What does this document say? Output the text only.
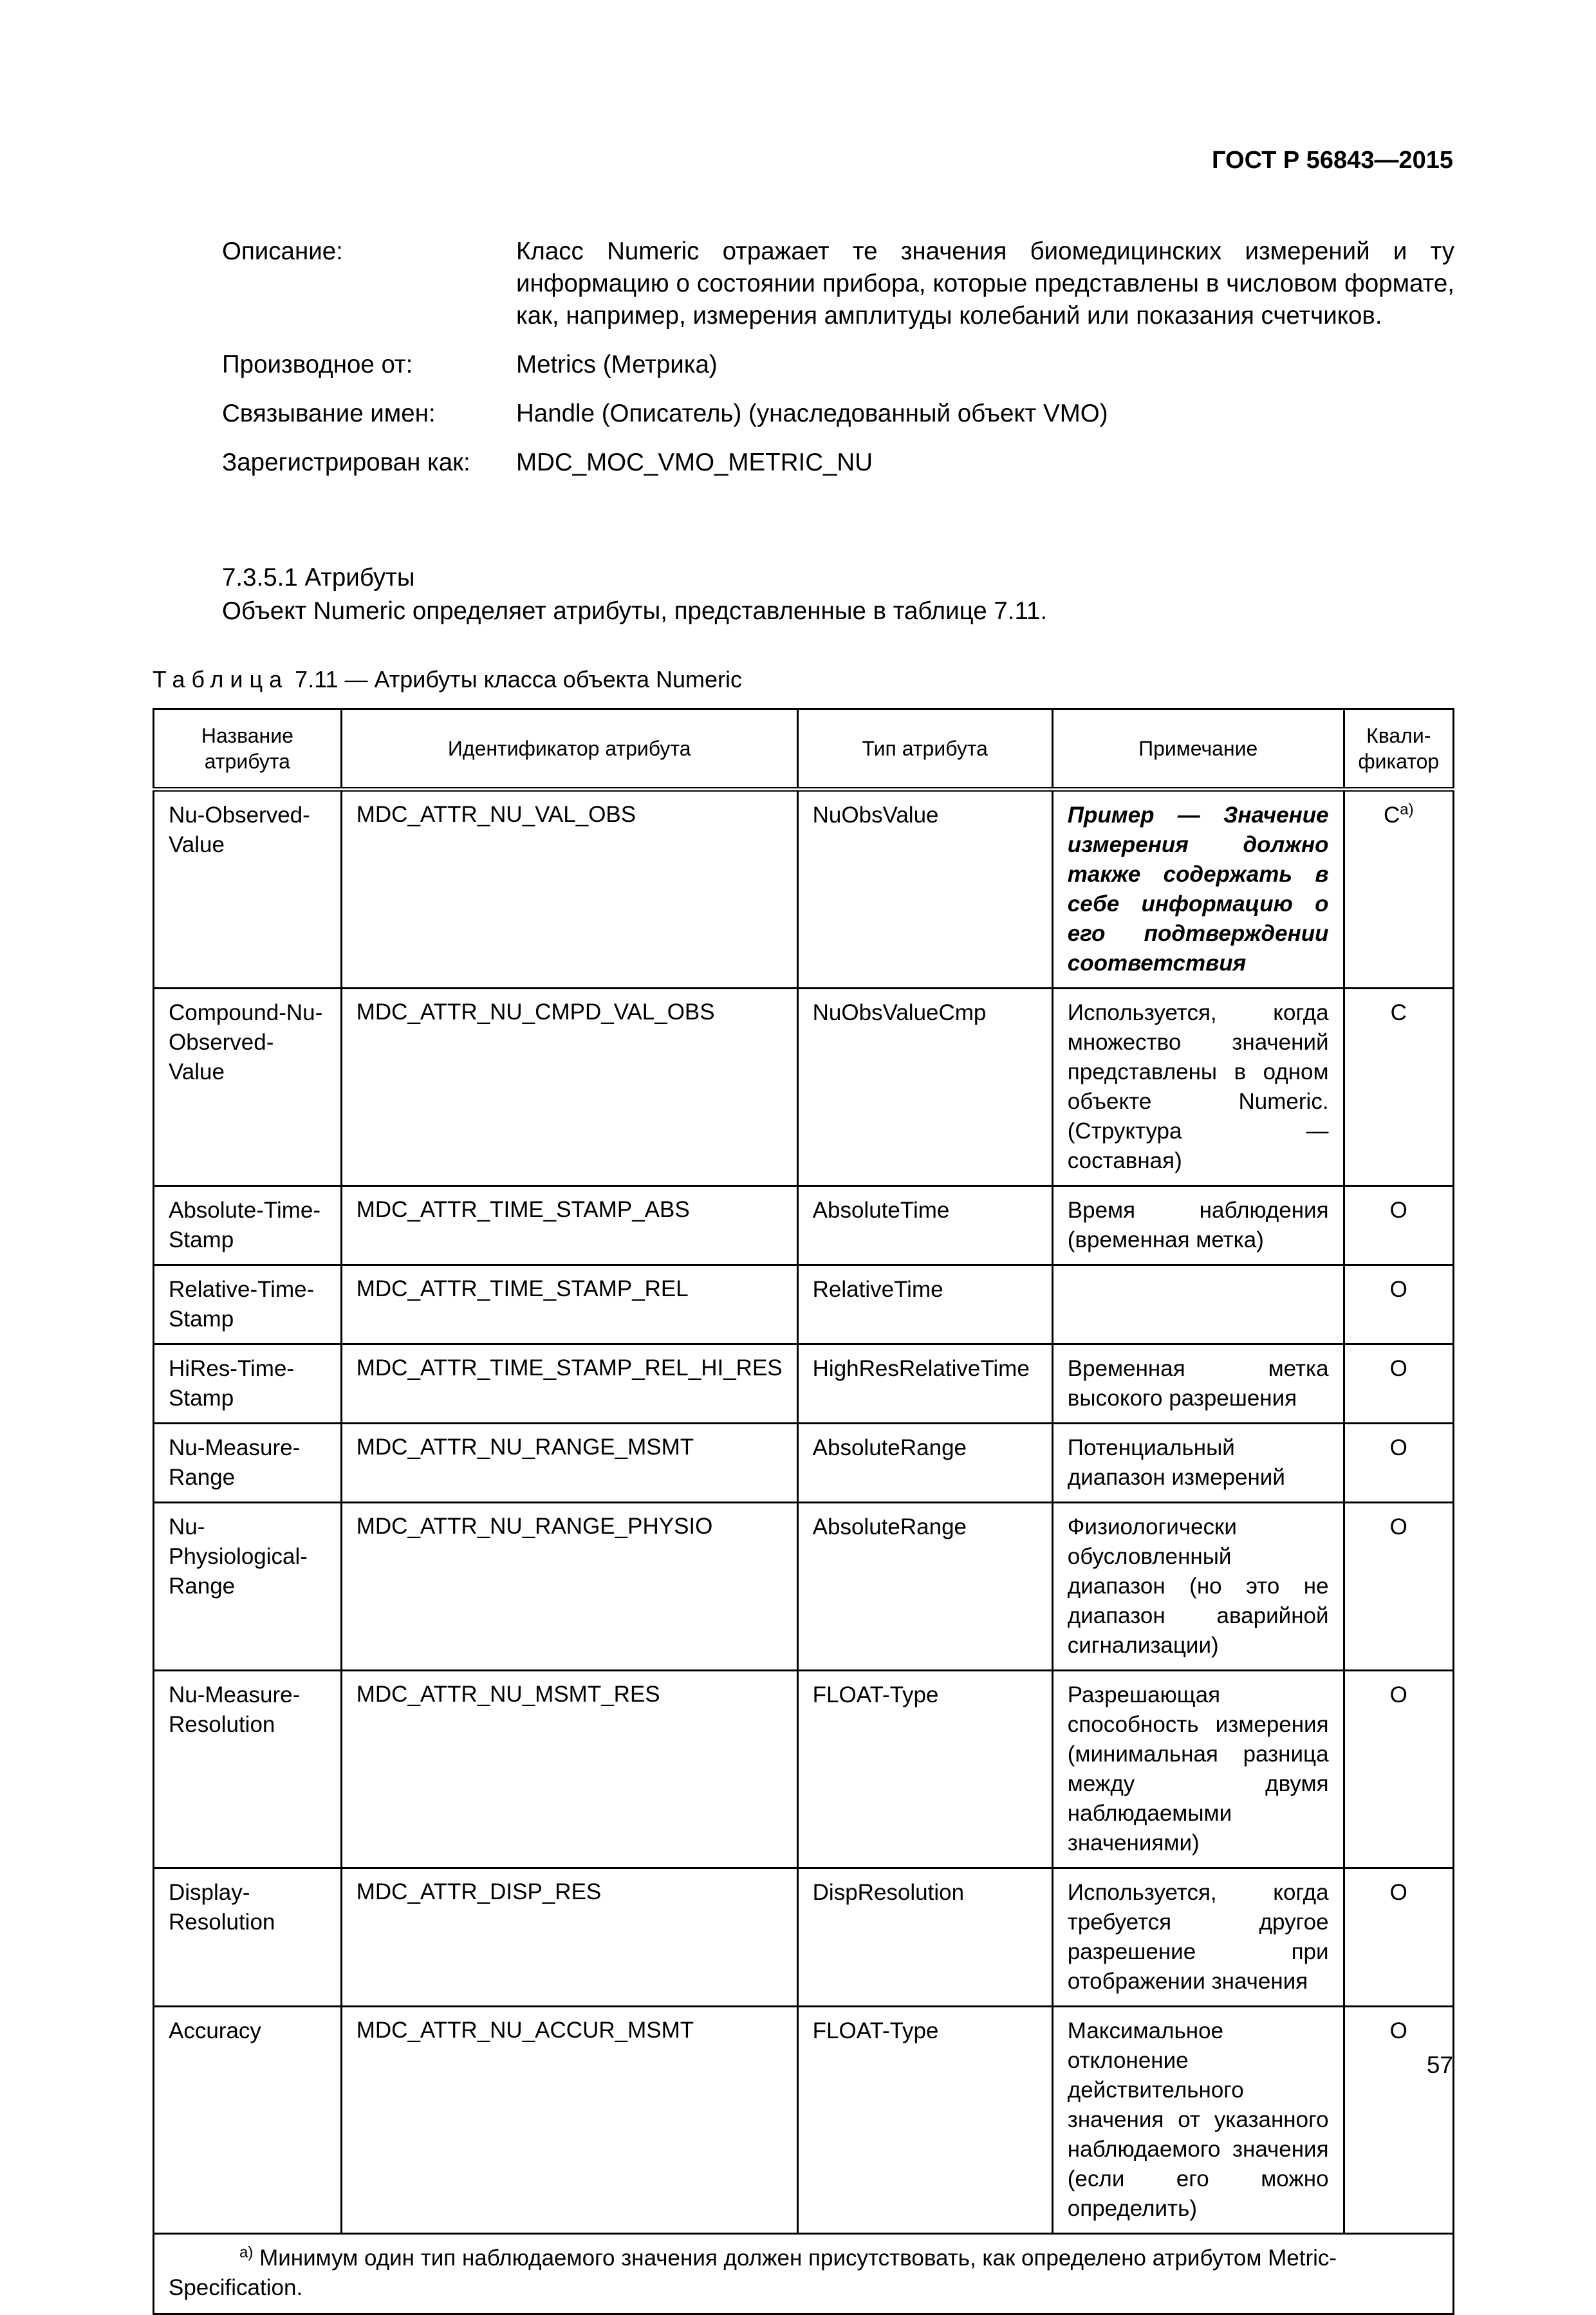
ГОСТ Р 56843—2015
Описание:	Класс Numeric отражает те значения биомедицинских измерений и ту информацию о состоянии прибора, которые представлены в числовом формате, как, например, измерения амплитуды колебаний или показания счетчиков.
Производное от:	Metrics (Метрика)
Связывание имен:	Handle (Описатель) (унаследованный объект VMO)
Зарегистрирован как:	MDC_MOC_VMO_METRIC_NU
7.3.5.1 Атрибуты
Объект Numeric определяет атрибуты, представленные в таблице 7.11.
Таблица 7.11 — Атрибуты класса объекта Numeric
Название атрибута	Идентификатор атрибута	Тип атрибута	Примечание	Квали-фикатор
Nu-Observed-Value	MDC_ATTR_NU_VAL_OBS	NuObsValue	Пример — Значение измерения должно также содержать в себе информацию о его подтверждении соответствия	$C^{a)}$
Compound-Nu-Observed-Value	MDC_ATTR_NU_CMPD_VAL_OBS	NuObsValueCmp	Используется, когда множество значений представлены в одном объекте Numeric. (Структура — составная)	C
Absolute-Time-Stamp	MDC_ATTR_TIME_STAMP_ABS	AbsoluteTime	Время наблюдения (временная метка)	O
Relative-Time-Stamp	MDC_ATTR_TIME_STAMP_REL	RelativeTime		O
HiRes-Time-Stamp	MDC_ATTR_TIME_STAMP_REL_HI_RES	HighResRelativeTime	Временная метка высокого разрешения	O
Nu-Measure-Range	MDC_ATTR_NU_RANGE_MSMT	AbsoluteRange	Потенциальный диапазон измерений	O
Nu-Physiological-Range	MDC_ATTR_NU_RANGE_PHYSIO	AbsoluteRange	Физиологически обусловленный диапазон (но это не диапазон аварийной сигнализации)	O
Nu-Measure-Resolution	MDC_ATTR_NU_MSMT_RES	FLOAT-Type	Разрешающая способность измерения (минимальная разница между двумя наблюдаемыми значениями)	O
Display-Resolution	MDC_ATTR_DISP_RES	DispResolution	Используется, когда требуется другое разрешение при отображении значения	O
Accuracy	MDC_ATTR_NU_ACCUR_MSMT	FLOAT-Type	Максимальное отклонение действительного значения от указанного наблюдаемого значения (если его можно определить)	O
$^{a)}$ Минимум один тип наблюдаемого значения должен присутствовать, как определено атрибутом Metric-Specification.				
57
